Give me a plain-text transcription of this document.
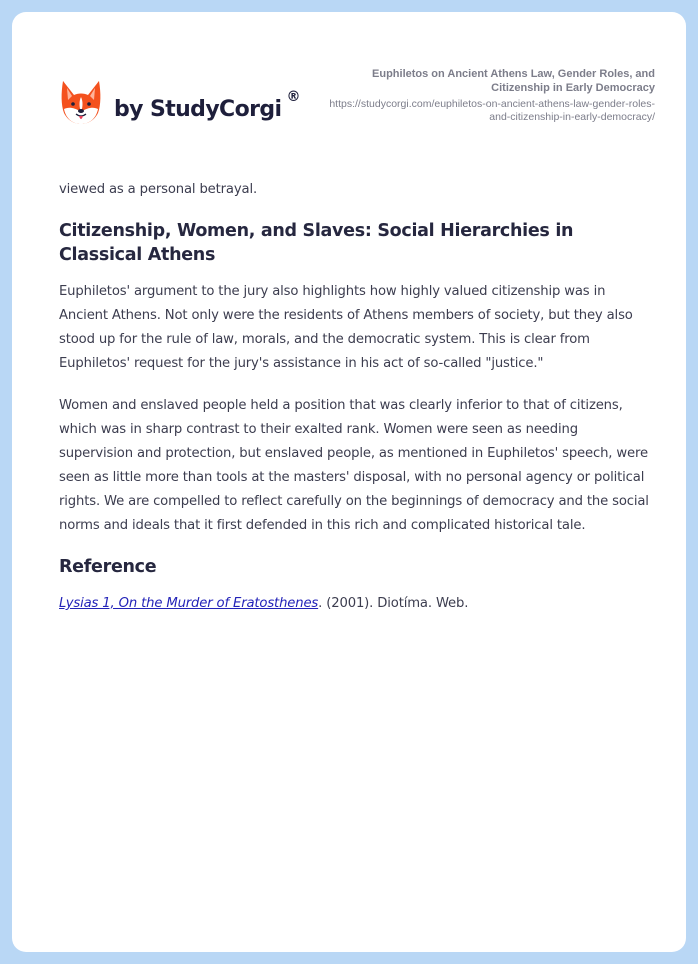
by StudyCorgi ®
Euphiletos on Ancient Athens Law, Gender Roles, and Citizenship in Early Democracy
https://studycorgi.com/euphiletos-on-ancient-athens-law-gender-roles-and-citizenship-in-early-democracy/

viewed as a personal betrayal.

Citizenship, Women, and Slaves: Social Hierarchies in Classical Athens

Euphiletos' argument to the jury also highlights how highly valued citizenship was in Ancient Athens. Not only were the residents of Athens members of society, but they also stood up for the rule of law, morals, and the democratic system. This is clear from Euphiletos' request for the jury's assistance in his act of so-called "justice."

Women and enslaved people held a position that was clearly inferior to that of citizens, which was in sharp contrast to their exalted rank. Women were seen as needing supervision and protection, but enslaved people, as mentioned in Euphiletos' speech, were seen as little more than tools at the masters' disposal, with no personal agency or political rights. We are compelled to reflect carefully on the beginnings of democracy and the social norms and ideals that it first defended in this rich and complicated historical tale.

Reference

Lysias 1, On the Murder of Eratosthenes. (2001). Diotíma. Web.
